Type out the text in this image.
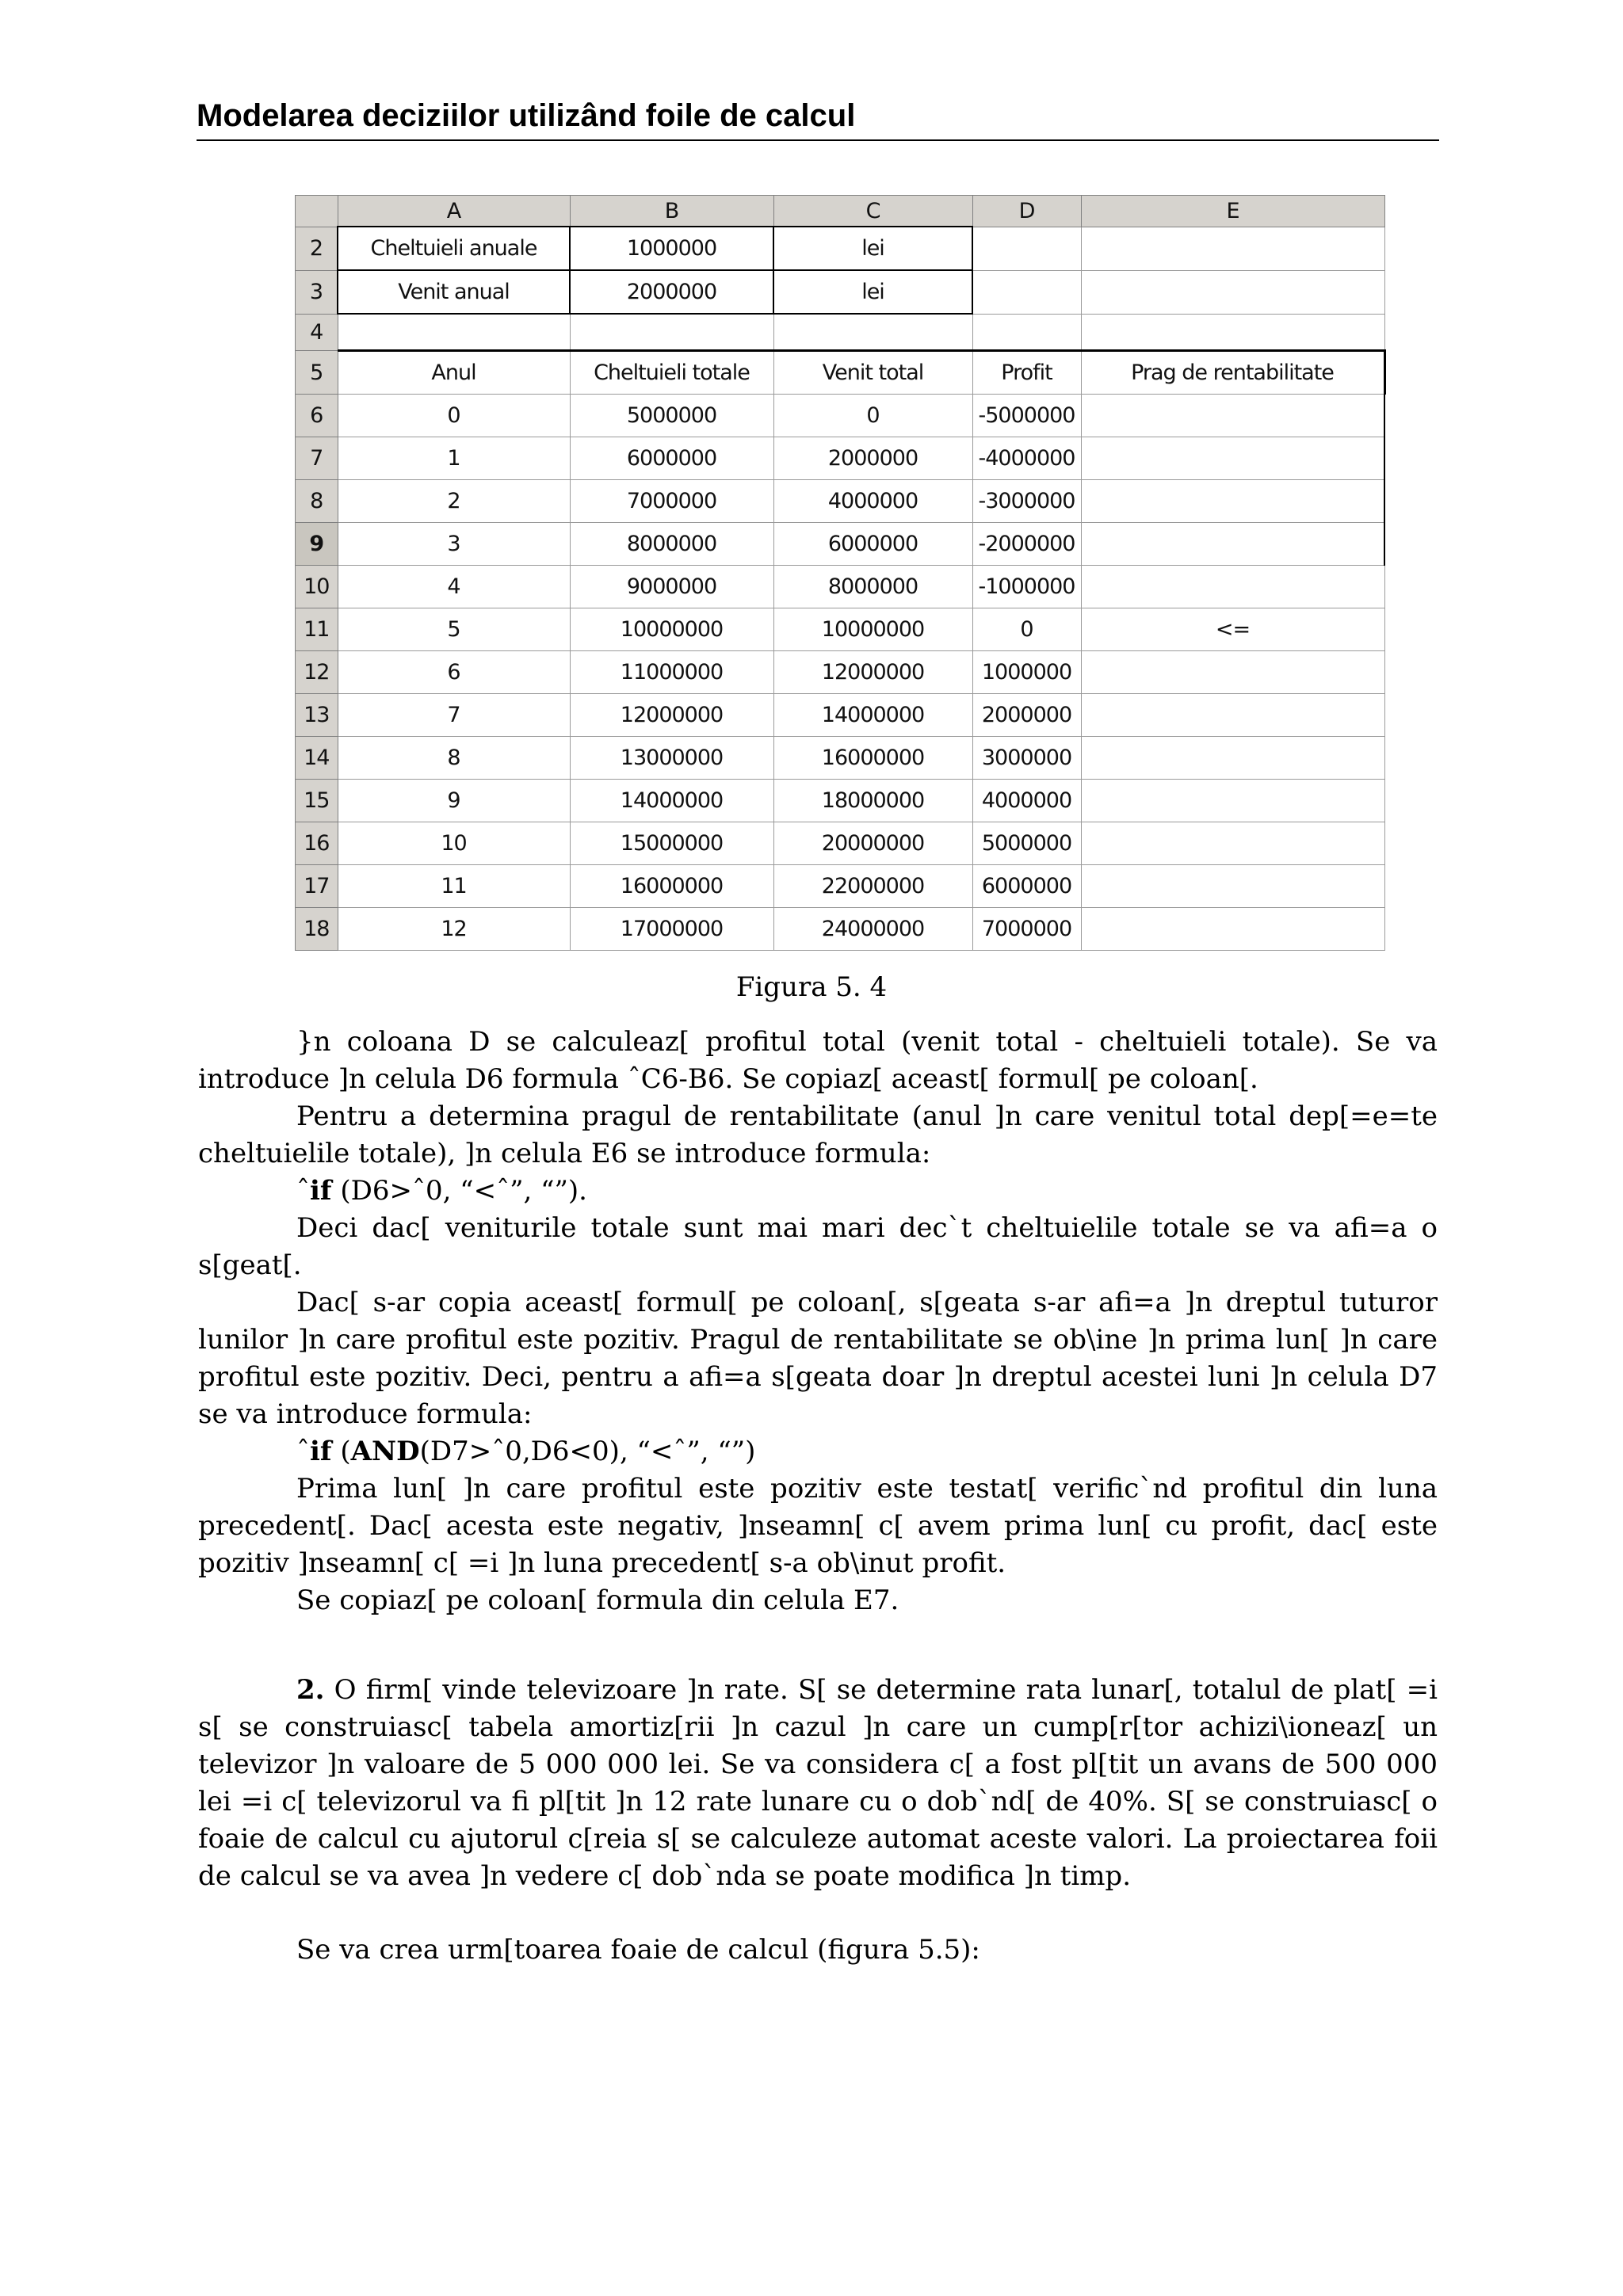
Modelarea deciziilor utilizând foile de calcul
	A	B	C	D	E
2	Cheltuieli anuale	1000000	lei		
3	Venit anual	2000000	lei		
4					
5	Anul	Cheltuieli totale	Venit total	Profit	Prag de rentabilitate
6	0	5000000	0	-5000000	
7	1	6000000	2000000	-4000000	
8	2	7000000	4000000	-3000000	
9	3	8000000	6000000	-2000000	
10	4	9000000	8000000	-1000000	
11	5	10000000	10000000	0	<=
12	6	11000000	12000000	1000000	
13	7	12000000	14000000	2000000	
14	8	13000000	16000000	3000000	
15	9	14000000	18000000	4000000	
16	10	15000000	20000000	5000000	
17	11	16000000	22000000	6000000	
18	12	17000000	24000000	7000000	
Figura 5. 4

}n coloana D se calculeaz[ profitul total (venit total - cheltuieli totale). Se va introduce ]n celula D6 formula ˆC6-B6. Se copiaz[ aceast[ formul[ pe coloan[.

Pentru a determina pragul de rentabilitate (anul ]n care venitul total dep[=e=te cheltuielile totale), ]n celula E6 se introduce formula:

ˆif (D6>ˆ0, “<ˆ”, “”).

Deci dac[ veniturile totale sunt mai mari dec`t cheltuielile totale se va afi=a o s[geat[.

Dac[ s-ar copia aceast[ formul[ pe coloan[, s[geata s-ar afi=a ]n dreptul tuturor lunilor ]n care profitul este pozitiv. Pragul de rentabilitate se ob\ine ]n prima lun[ ]n care profitul este pozitiv. Deci, pentru a afi=a s[geata doar ]n dreptul acestei luni ]n celula D7 se va introduce formula:

ˆif (AND(D7>ˆ0,D6<0), “<ˆ”, “”)

Prima lun[ ]n care profitul este pozitiv este testat[ verific`nd profitul din luna precedent[. Dac[ acesta este negativ, ]nseamn[ c[ avem prima lun[ cu profit, dac[ este pozitiv ]nseamn[ c[ =i ]n luna precedent[ s-a ob\inut profit.

Se copiaz[ pe coloan[ formula din celula E7.

2. O firm[ vinde televizoare ]n rate. S[ se determine rata lunar[, totalul de plat[ =i s[ se construiasc[ tabela amortiz[rii ]n cazul ]n care un cump[r[tor achizi\ioneaz[ un televizor ]n valoare de 5 000 000 lei. Se va considera c[ a fost pl[tit un avans de 500 000 lei =i c[ televizorul va fi pl[tit ]n 12 rate lunare cu o dob`nd[ de 40%. S[ se construiasc[ o foaie de calcul cu ajutorul c[reia s[ se calculeze automat aceste valori. La proiectarea foii de calcul se va avea ]n vedere c[ dob`nda se poate modifica ]n timp.

Se va crea urm[toarea foaie de calcul (figura 5.5):
